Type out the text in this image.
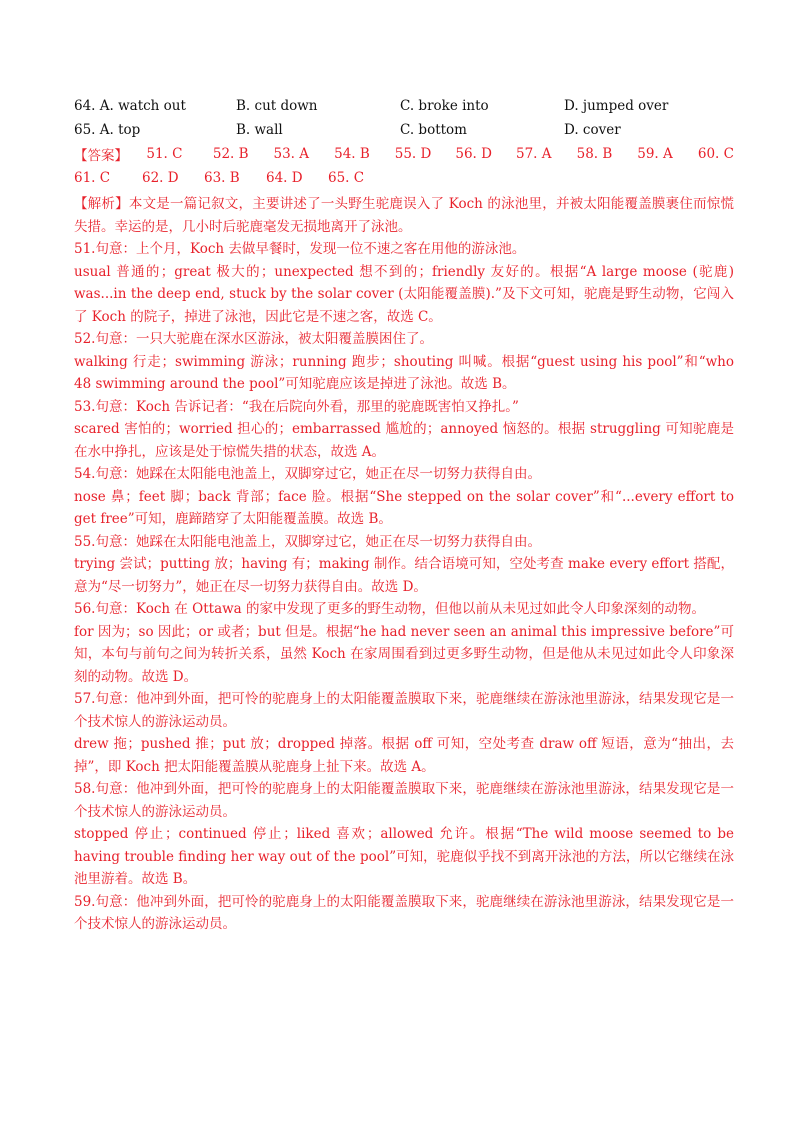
64. A. watch out	B. cut down	C. broke into	D. jumped over
65. A. top	B. wall	C. bottom	D. cover
【答案】	51. C	52. B	53. A	54. B	55. D	56. D	57. A	58. B	59. A	60. C
61. C	62. D	63. B	64. D	65. C

【解析】本文是一篇记叙文，主要讲述了一头野生驼鹿误入了 Koch 的泳池里，并被太阳能覆盖膜裹住而惊慌失措。幸运的是，几小时后驼鹿毫发无损地离开了泳池。

51.句意：上个月，Koch 去做早餐时，发现一位不速之客在用他的游泳池。

usual 普通的；great 极大的；unexpected 想不到的；friendly 友好的。根据“A large moose (驼鹿) was...in the deep end, stuck by the solar cover (太阳能覆盖膜).”及下文可知，驼鹿是野生动物，它闯入了 Koch 的院子，掉进了泳池，因此它是不速之客，故选 C。

52.句意：一只大驼鹿在深水区游泳，被太阳覆盖膜困住了。

walking 行走；swimming 游泳；running 跑步；shouting 叫喊。根据“guest using his pool”和“who 48 swimming around the pool”可知驼鹿应该是掉进了泳池。故选 B。

53.句意：Koch 告诉记者：“我在后院向外看，那里的驼鹿既害怕又挣扎。”

scared 害怕的；worried 担心的；embarrassed 尴尬的；annoyed 恼怒的。根据 struggling 可知驼鹿是在水中挣扎，应该是处于惊慌失措的状态，故选 A。

54.句意：她踩在太阳能电池盖上，双脚穿过它，她正在尽一切努力获得自由。

nose 鼻；feet 脚；back 背部；face 脸。根据“She stepped on the solar cover”和“...every effort to get free”可知，鹿蹄踏穿了太阳能覆盖膜。故选 B。

55.句意：她踩在太阳能电池盖上，双脚穿过它，她正在尽一切努力获得自由。

trying 尝试；putting 放；having 有；making 制作。结合语境可知，空处考查 make every effort 搭配，意为“尽一切努力”，她正在尽一切努力获得自由。故选 D。

56.句意：Koch 在 Ottawa 的家中发现了更多的野生动物，但他以前从未见过如此令人印象深刻的动物。

for 因为；so 因此；or 或者；but 但是。根据“he had never seen an animal this impressive before”可知，本句与前句之间为转折关系，虽然 Koch 在家周围看到过更多野生动物，但是他从未见过如此令人印象深刻的动物。故选 D。

57.句意：他冲到外面，把可怜的驼鹿身上的太阳能覆盖膜取下来，驼鹿继续在游泳池里游泳，结果发现它是一个技术惊人的游泳运动员。

drew 拖；pushed 推；put 放；dropped 掉落。根据 off 可知，空处考查 draw off 短语，意为“抽出，去掉”，即 Koch 把太阳能覆盖膜从驼鹿身上扯下来。故选 A。

58.句意：他冲到外面，把可怜的驼鹿身上的太阳能覆盖膜取下来，驼鹿继续在游泳池里游泳，结果发现它是一个技术惊人的游泳运动员。

stopped 停止；continued 停止；liked 喜欢；allowed 允许。根据“The wild moose seemed to be having trouble finding her way out of the pool”可知，驼鹿似乎找不到离开泳池的方法，所以它继续在泳池里游着。故选 B。

59.句意：他冲到外面，把可怜的驼鹿身上的太阳能覆盖膜取下来，驼鹿继续在游泳池里游泳，结果发现它是一个技术惊人的游泳运动员。
